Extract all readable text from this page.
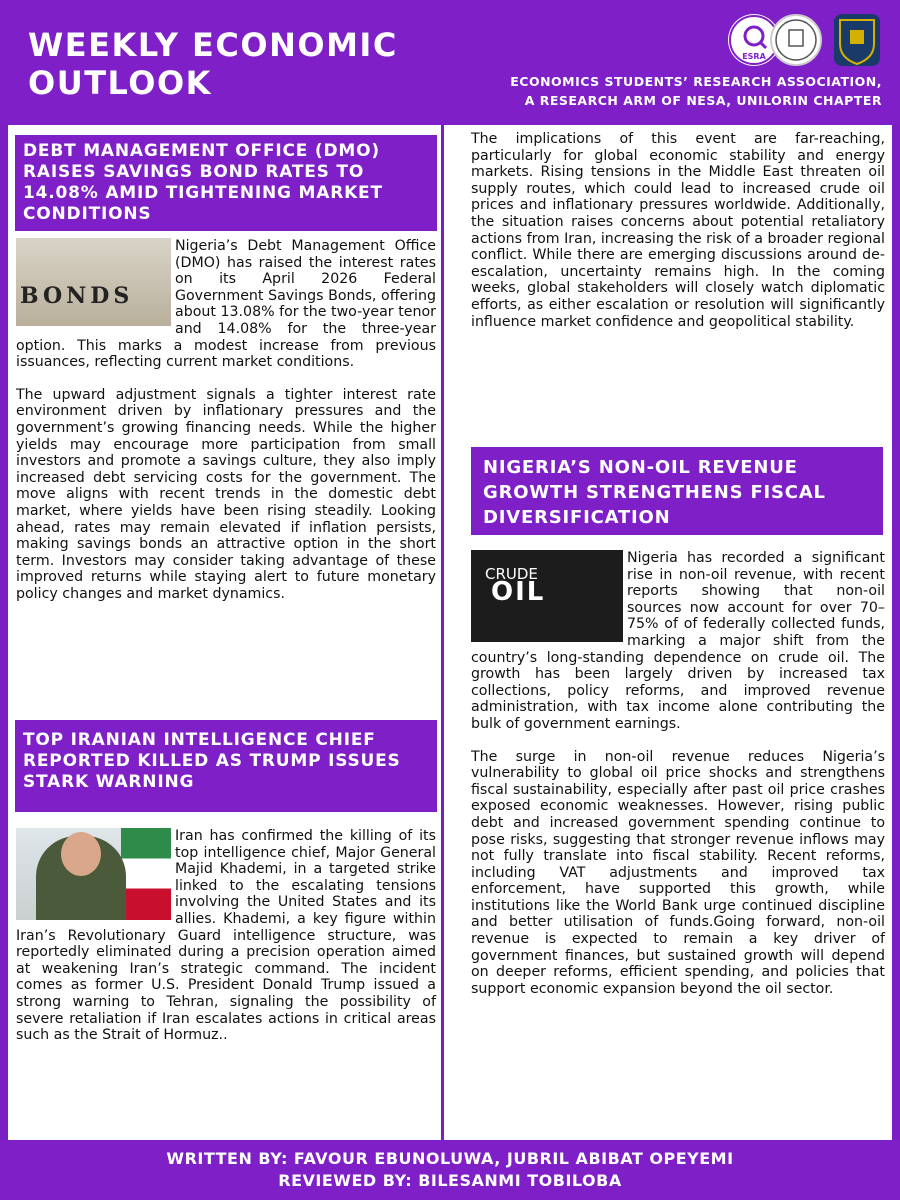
WEEKLY ECONOMIC
OUTLOOK
ESRA
ECONOMICS STUDENTS’ RESEARCH ASSOCIATION,
A RESEARCH ARM OF NESA, UNILORIN CHAPTER
DEBT MANAGEMENT OFFICE (DMO) RAISES SAVINGS BOND RATES TO 14.08% AMID TIGHTENING MARKET CONDITIONS
BONDS

Nigeria’s Debt Management Office (DMO) has raised the interest rates on its April 2026 Federal Government Savings Bonds, offering about 13.08% for the two-year tenor and 14.08% for the three-year option. This marks a modest increase from previous issuances, reflecting current market conditions.

The upward adjustment signals a tighter interest rate environment driven by inflationary pressures and the government’s growing financing needs. While the higher yields may encourage more participation from small investors and promote a savings culture, they also imply increased debt servicing costs for the government. The move aligns with recent trends in the domestic debt market, where yields have been rising steadily. Looking ahead, rates may remain elevated if inflation persists, making savings bonds an attractive option in the short term. Investors may consider taking advantage of these improved returns while staying alert to future monetary policy changes and market dynamics.

TOP IRANIAN INTELLIGENCE CHIEF REPORTED KILLED AS TRUMP ISSUES STARK WARNING

Iran has confirmed the killing of its top intelligence chief, Major General Majid Khademi, in a targeted strike linked to the escalating tensions involving the United States and its allies. Khademi, a key figure within Iran’s Revolutionary Guard intelligence structure, was reportedly eliminated during a precision operation aimed at weakening Iran’s strategic command. The incident comes as former U.S. President Donald Trump issued a strong warning to Tehran, signaling the possibility of severe retaliation if Iran escalates actions in critical areas such as the Strait of Hormuz..

The implications of this event are far-reaching, particularly for global economic stability and energy markets. Rising tensions in the Middle East threaten oil supply routes, which could lead to increased crude oil prices and inflationary pressures worldwide. Additionally, the situation raises concerns about potential retaliatory actions from Iran, increasing the risk of a broader regional conflict. While there are emerging discussions around de-escalation, uncertainty remains high. In the coming weeks, global stakeholders will closely watch diplomatic efforts, as either escalation or resolution will significantly influence market confidence and geopolitical stability.

NIGERIA’S NON-OIL REVENUE GROWTH STRENGTHENS FISCAL DIVERSIFICATION
CRUDE
OIL

Nigeria has recorded a significant rise in non-oil revenue, with recent reports showing that non-oil sources now account for over 70–75% of of federally collected funds, marking a major shift from the country’s long-standing dependence on crude oil. The growth has been largely driven by increased tax collections, policy reforms, and improved revenue administration, with tax income alone contributing the bulk of government earnings.

The surge in non-oil revenue reduces Nigeria’s vulnerability to global oil price shocks and strengthens fiscal sustainability, especially after past oil price crashes exposed economic weaknesses. However, rising public debt and increased government spending continue to pose risks, suggesting that stronger revenue inflows may not fully translate into fiscal stability. Recent reforms, including VAT adjustments and improved tax enforcement, have supported this growth, while institutions like the World Bank urge continued discipline and better utilisation of funds.Going forward, non-oil revenue is expected to remain a key driver of government finances, but sustained growth will depend on deeper reforms, efficient spending, and policies that support economic expansion beyond the oil sector.

WRITTEN BY: FAVOUR EBUNOLUWA, JUBRIL ABIBAT OPEYEMI
REVIEWED BY: BILESANMI TOBILOBA
